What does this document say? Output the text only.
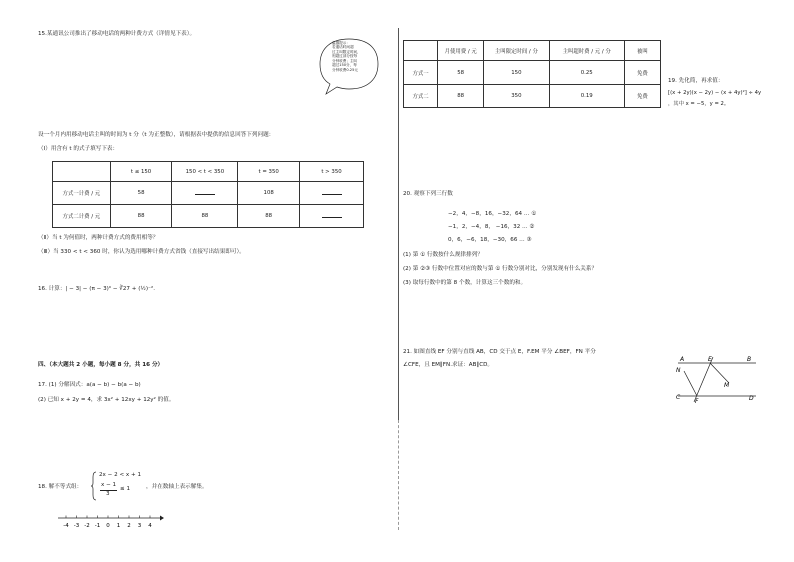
15.某通讯公司推出了移动电话的两种计费方式（详情见下表）。
温馨提示：
若通话时间超
过主叫限定时间，
则超过部分按每
分钟收费；主叫
超过150分，每
分钟收费0.25元
设一个月内用移动电话主叫的时间为 t 分（t 为正整数），请根据表中提供的信息回答下列问题：
（Ⅰ）用含有 t 的式子填写下表：
	t ≤ 150	150 < t < 350	t = 350	t > 350
方式一计费 / 元	58		108	
方式二计费 / 元	88	88	88	
（Ⅱ）当 t 为何值时，两种计费方式的费用相等？
（Ⅲ）当 330 < t < 360 时，你认为选用哪种计费方式省钱（直接写出结果即可）。
16. 计算：| − 3| − (π − 3)⁰ − ∛27 + (½)⁻².
四、（本大题共 2 小题，每小题 8 分，共 16 分）
17. (1) 分解因式：a(a − b) − b(a − b)
(2) 已知 x + 2y = 4，求 3x² + 12xy + 12y² 的值。
18. 解不等式组：
2x − 2 < x + 1
x − 1
3
≤ 1	，并在数轴上表示解集。
-4 -3 -2 -1 0 1 2 3 4
	月使用费 / 元	主叫限定时间 / 分	主叫超时费 / 元 / 分	被叫
方式一	58	150	0.25	免费
方式二	88	350	0.19	免费
19. 先化简，再求值：
[(x + 2y)(x − 2y) − (x + 4y)²] ÷ 4y
，其中 x = −5，y = 2。
20. 观察下列三行数
−2，4，−8，16，−32，64 … ①
−1，2，−4，8， −16，32 … ②
0，6，−6，18，−30，66 … ③
(1) 第 ① 行数按什么规律排列？
(2) 第 ②③ 行数中位置对应的数与第 ① 行数分别对比，分别发现有什么关系？
(3) 取每行数中的第 8 个数，计算这三个数的和。
21. 如图直线 EF 分别与直线 AB，CD 交于点 E，F.EM 平分 ∠BEF，FN 平分
∠CFE，且 EM∥FN.求证：AB∥CD。
A	E	B
N
M
C
F	D
